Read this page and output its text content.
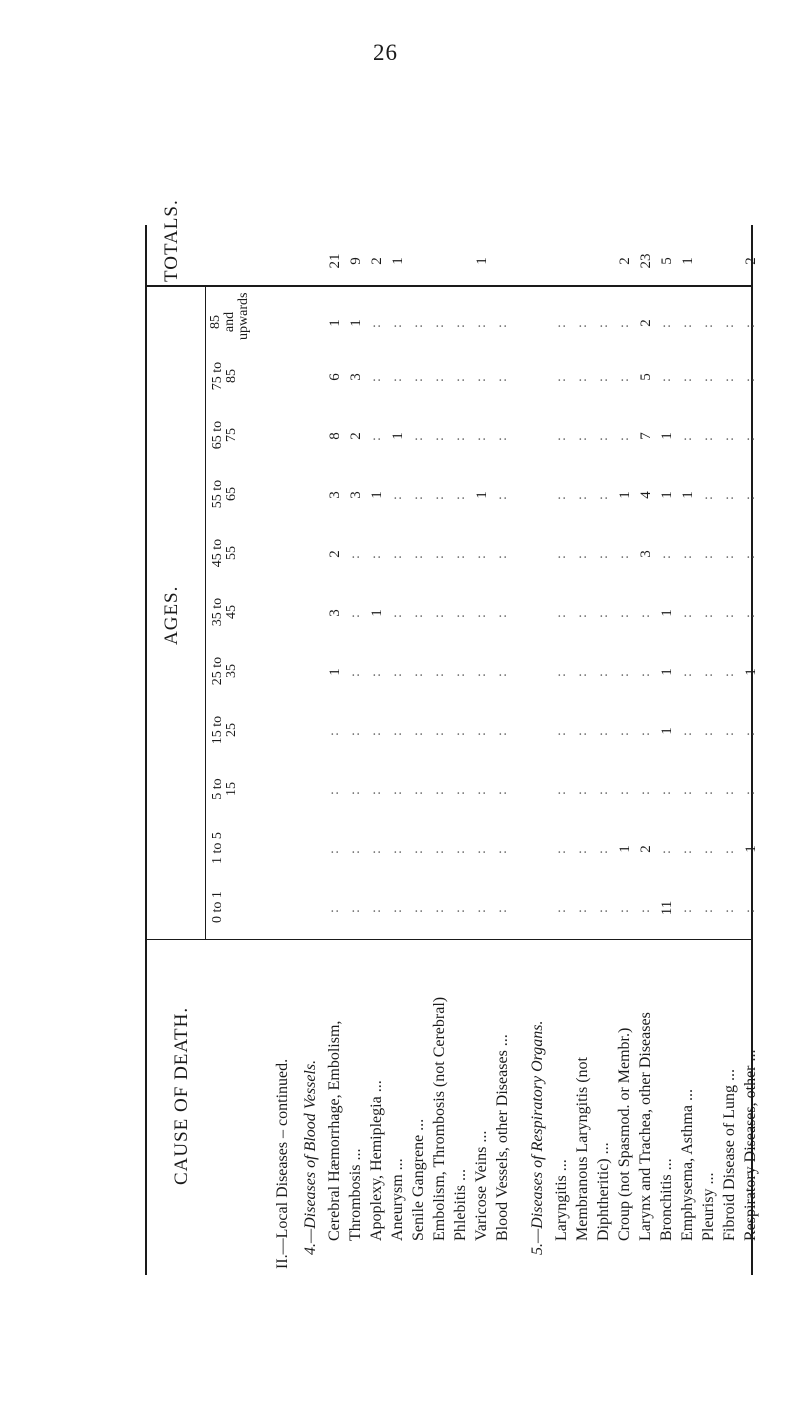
26
CAUSE OF DEATH.
AGES.
TOTALS.
0 to 1
1 to 5
5 to 15
15 to 25
25 to 35
35 to 45
45 to 55
55 to 65
65 to 75
75 to 85
85 and upwards
II.—Local Diseases – continued. 4.—Diseases of Blood Vessels. Cerebral Hæmorrhage, Embolism,
:
:
:
:
1
3
2
3
8
6
1
21
Thrombosis ...
:
:
:
:
:
:
:
3
2
3
1
9
Apoplexy, Hemiplegia ...
:
:
:
:
:
1
:
1
:
:
:
2
Aneurysm ...
:
:
:
:
:
:
:
:
1
:
:
1
Senile Gangrene ...
:
:
:
:
:
:
:
:
:
:
:
Embolism, Thrombosis (not Cerebral)
:
:
:
:
:
:
:
:
:
:
:
Phlebitis ...
:
:
:
:
:
:
:
:
:
:
:
Varicose Veins ...
:
:
:
:
:
:
:
1
:
:
:
1
Blood Vessels, other Diseases ...
:
:
:
:
:
:
:
:
:
:
:
5.—Diseases of Respiratory Organs. Laryngitis ...
:
:
:
:
:
:
:
:
:
:
:
Membranous Laryngitis (not
:
:
:
:
:
:
:
:
:
:
:
Diphtheritic) ...
:
:
:
:
:
:
:
:
:
:
:
Croup (not Spasmod. or Membr.)
:
1
:
:
:
:
:
1
:
:
:
2
Larynx and Trachea, other Diseases
:
2
:
:
:
:
3
4
7
5
2
23
Bronchitis ...
11
:
:
1
1
1
:
1
1
:
:
5
Emphysema, Asthma ...
:
:
:
:
:
:
:
1
:
:
:
1
Pleurisy ...
:
:
:
:
:
:
:
:
:
:
:
Fibroid Disease of Lung ...
:
:
:
:
:
:
:
:
:
:
:
Respiratory Diseases, other ...
:
1
:
:
1
:
:
:
:
:
:
2
